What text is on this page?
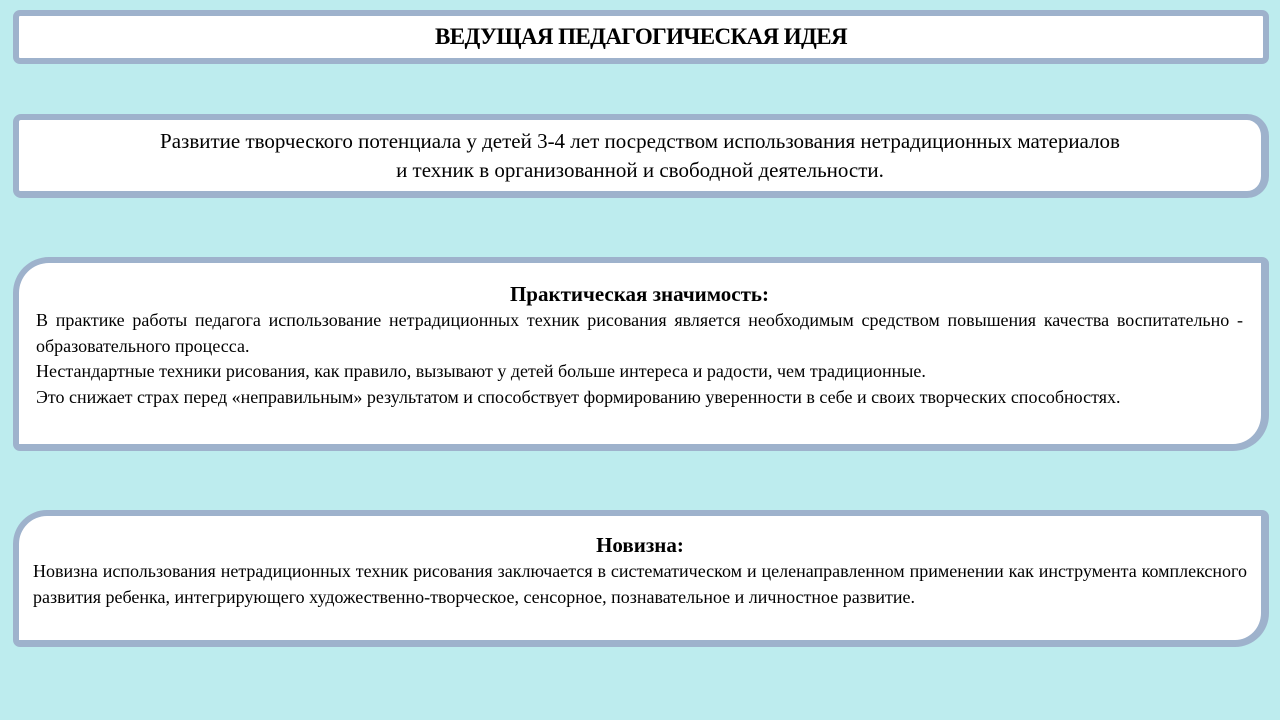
ВЕДУЩАЯ ПЕДАГОГИЧЕСКАЯ ИДЕЯ
Развитие творческого потенциала у детей 3-4 лет посредством использования нетрадиционных материалов
и техник в организованной и свободной деятельности.

Практическая значимость:

В практике работы педагога использование нетрадиционных техник рисования является необходимым средством повышения качества воспитательно - образовательного процесса.

Нестандартные техники рисования, как правило, вызывают у детей больше интереса и радости, чем традиционные.

Это снижает страх перед «неправильным» результатом и способствует формированию уверенности в себе и своих творческих способностях.

Новизна:

Новизна использования нетрадиционных техник рисования заключается в систематическом и целенаправленном применении как инструмента комплексного развития ребенка, интегрирующего художественно-творческое, сенсорное, познавательное и личностное развитие.
